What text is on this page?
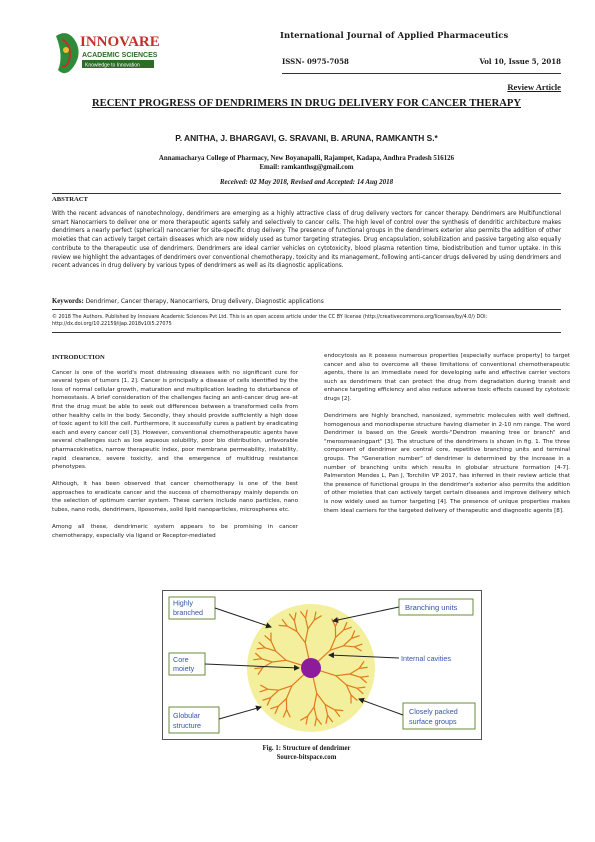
INNOVARE
ACADEMIC SCIENCES
Knowledge to Innovation
International Journal of Applied Pharmaceutics
ISSN- 0975-7058	Vol 10, Issue 5, 2018
Review Article
RECENT PROGRESS OF DENDRIMERS IN DRUG DELIVERY FOR CANCER THERAPY
P. ANITHA, J. BHARGAVI, G. SRAVANI, B. ARUNA, RAMKANTH S.*
Annamacharya College of Pharmacy, New Boyanapalli, Rajampet, Kadapa, Andhra Pradesh 516126
Email: ramkanthsg@gmail.com
Received: 02 May 2018, Revised and Accepted: 14 Aug 2018
ABSTRACT
With the recent advances of nanotechnology, dendrimers are emerging as a highly attractive class of drug delivery vectors for cancer therapy. Dendrimers are Multifunctional smart Nanocarriers to deliver one or more therapeutic agents safely and selectively to cancer cells. The high level of control over the synthesis of dendritic architecture makes dendrimers a nearly perfect (spherical) nanocarrier for site-specific drug delivery. The presence of functional groups in the dendrimers exterior also permits the addition of other moieties that can actively target certain diseases which are now widely used as tumor targeting strategies. Drug encapsulation, solubilization and passive targeting also equally contribute to the therapeutic use of dendrimers. Dendrimers are ideal carrier vehicles on cytotoxicity, blood plasma retention time, biodistribution and tumor uptake. In this review we highlight the advantages of dendrimers over conventional chemotherapy, toxicity and its management, following anti-cancer drugs delivered by using dendrimers and recent advances in drug delivery by various types of dendrimers as well as its diagnostic applications.
Keywords: Dendrimer, Cancer therapy, Nanocarriers, Drug delivery, Diagnostic applications
© 2018 The Authors. Published by Innovare Academic Sciences Pvt Ltd. This is an open access article under the CC BY license (http://creativecommons.org/licenses/by/4.0/) DOI: http://dx.doi.org/10.22159/ijap.2018v10i5.27075
INTRODUCTION

Cancer is one of the world's most distressing diseases with no significant cure for several types of tumors [1, 2]. Cancer is principally a disease of cells identified by the loss of normal cellular growth, maturation and multiplication leading to disturbance of homeostasis. A brief consideration of the challenges facing an anti-cancer drug are–at first the drug must be able to seek out differences between a transformed cells from other healthy cells in the body. Secondly, they should provide sufficiently a high dose of toxic agent to kill the cell. Furthermore, it successfully cures a patient by eradicating each and every cancer cell [3]. However, conventional chemotherapeutic agents have several challenges such as low aqueous solubility, poor bio distribution, unfavorable pharmacokinetics, narrow therapeutic index, poor membrane permeability, instability, rapid clearance, severe toxicity, and the emergence of multidrug resistance phenotypes.

Although, it has been observed that cancer chemotherapy is one of the best approaches to eradicate cancer and the success of chemotherapy mainly depends on the selection of optimum carrier system. These carriers include nano particles, nano tubes, nano rods, dendrimers, liposomes, solid lipid nanoparticles, microspheres etc.

Among all these, dendrimeric system appears to be promising in cancer chemotherapy, especially via ligand or Receptor-mediated

endocytosis as it possess numerous properties [especially surface property] to target cancer and also to overcome all these limitations of conventional chemotherapeutic agents, there is an immediate need for developing safe and effective carrier vectors such as dendrimers that can protect the drug from degradation during transit and enhance targeting efficiency and also reduce adverse toxic effects caused by cytotoxic drugs [2].

Dendrimers are highly branched, nanosized, symmetric molecules with well defined, homogenous and monodisperse structure having diameter in 2-10 nm range. The word Dendrimer is based on the Greek words-"Dendron meaning tree or branch" and "merosmeaningpart" [3]. The structure of the dendrimers is shown in fig. 1. The three component of dendrimer are central core, repetitive branching units and terminal groups. The "Generation number" of dendrimer is determined by the increase in a number of branching units which results in globular structure formation [4-7]. Palmerston Mendes L, Pan J, Torchilin VP 2017, has inferred in their review article that the presence of functional groups in the dendrimer's exterior also permits the addition of other moieties that can actively target certain diseases and improve delivery which is now widely used as tumor targeting [4]. The presence of unique properties makes them ideal carriers for the targeted delivery of therapeutic and diagnostic agents [8].

Highly
branched
Core
moiety
Globular
structure
Branching units
Internal cavities
Closely packed
surface groups
Fig. 1: Structure of dendrimer
Source-bitspace.com
